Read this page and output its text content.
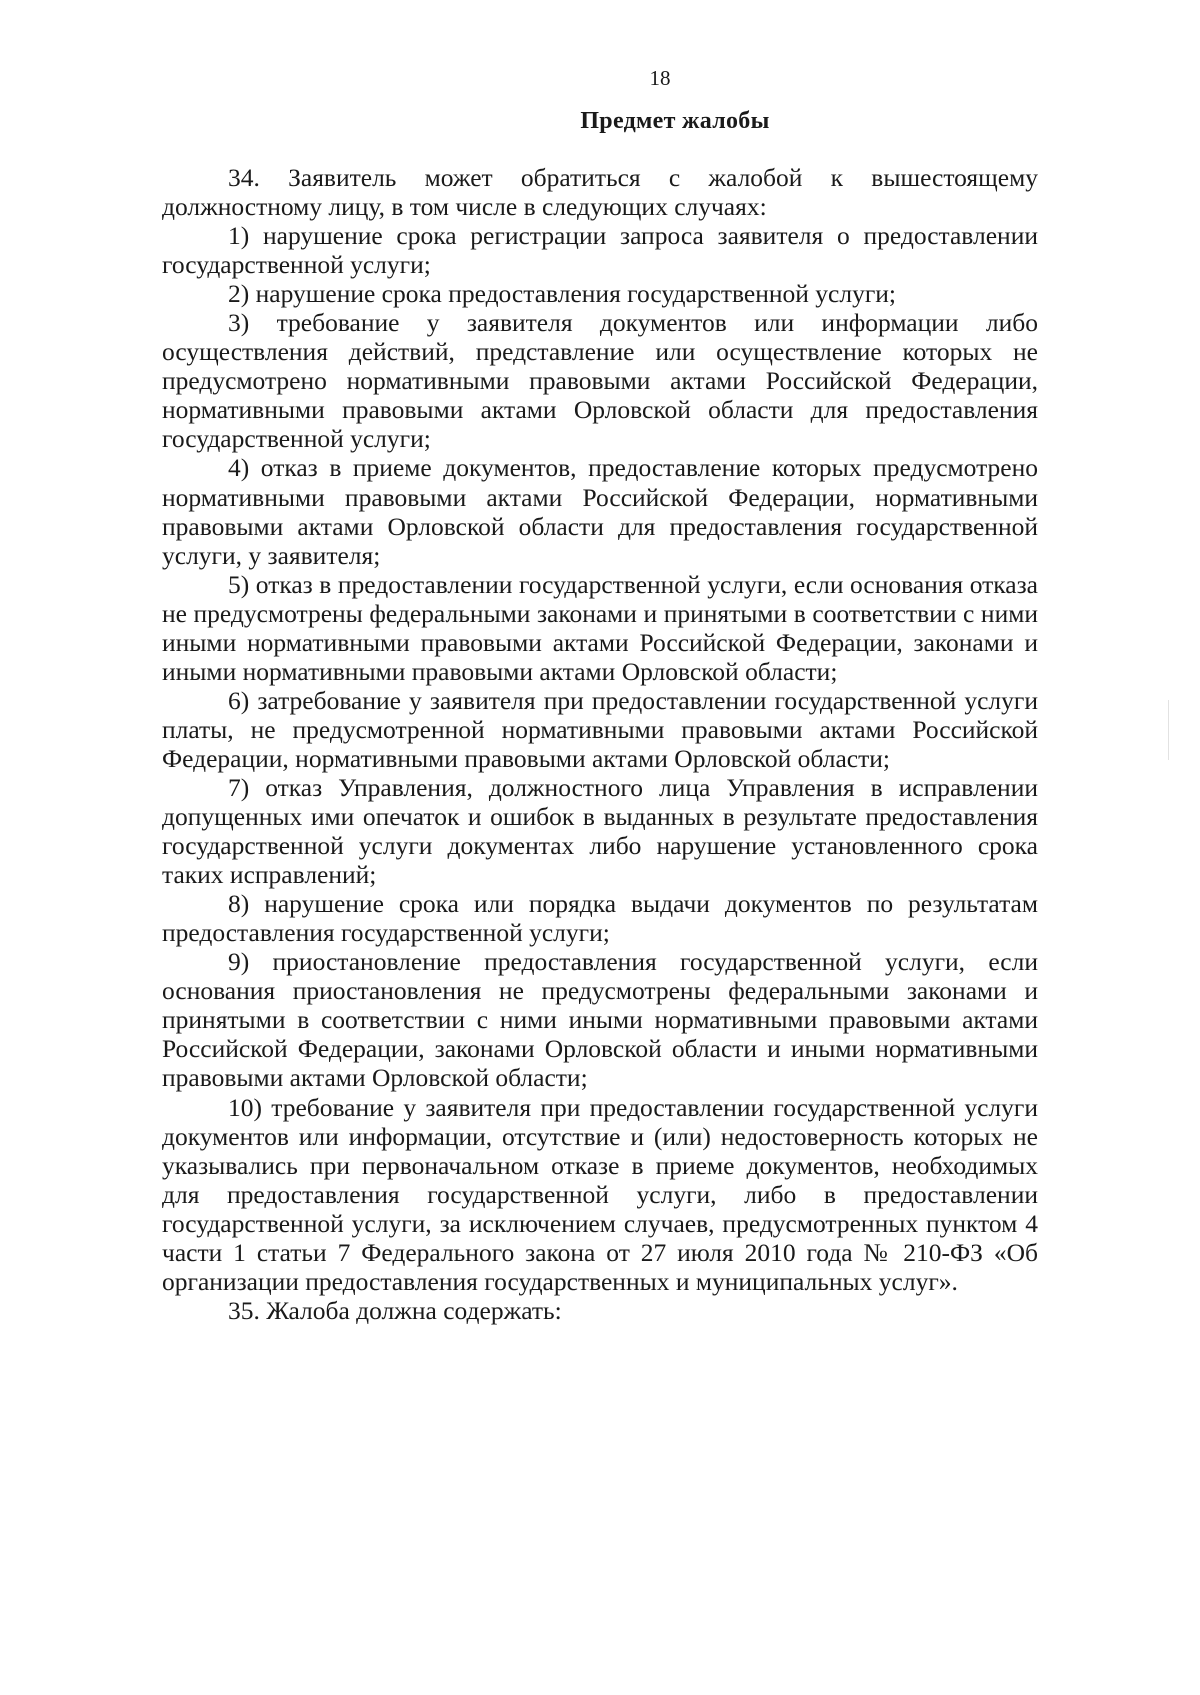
18
Предмет жалобы

34. Заявитель может обратиться с жалобой к вышестоящему должностному лицу, в том числе в следующих случаях:

1) нарушение срока регистрации запроса заявителя о предоставлении государственной услуги;

2) нарушение срока предоставления государственной услуги;

3) требование у заявителя документов или информации либо осуществления действий, представление или осуществление которых не предусмотрено нормативными правовыми актами Российской Федерации, нормативными правовыми актами Орловской области для предоставления государственной услуги;

4) отказ в приеме документов, предоставление которых предусмотрено нормативными правовыми актами Российской Федерации, нормативными правовыми актами Орловской области для предоставления государственной услуги, у заявителя;

5) отказ в предоставлении государственной услуги, если основания отказа не предусмотрены федеральными законами и принятыми в соответствии с ними иными нормативными правовыми актами Российской Федерации, законами и иными нормативными правовыми актами Орловской области;

6) затребование у заявителя при предоставлении государственной услуги платы, не предусмотренной нормативными правовыми актами Российской Федерации, нормативными правовыми актами Орловской области;

7) отказ Управления, должностного лица Управления в исправлении допущенных ими опечаток и ошибок в выданных в результате предоставления государственной услуги документах либо нарушение установленного срока таких исправлений;

8) нарушение срока или порядка выдачи документов по результатам предоставления государственной услуги;

9) приостановление предоставления государственной услуги, если основания приостановления не предусмотрены федеральными законами и принятыми в соответствии с ними иными нормативными правовыми актами Российской Федерации, законами Орловской области и иными нормативными правовыми актами Орловской области;

10) требование у заявителя при предоставлении государственной услуги документов или информации, отсутствие и (или) недостоверность которых не указывались при первоначальном отказе в приеме документов, необходимых для предоставления государственной услуги, либо в предоставлении государственной услуги, за исключением случаев, предусмотренных пунктом 4 части 1 статьи 7 Федерального закона от 27 июля 2010 года № 210-ФЗ «Об организации предоставления государственных и муниципальных услуг».

35. Жалоба должна содержать:
